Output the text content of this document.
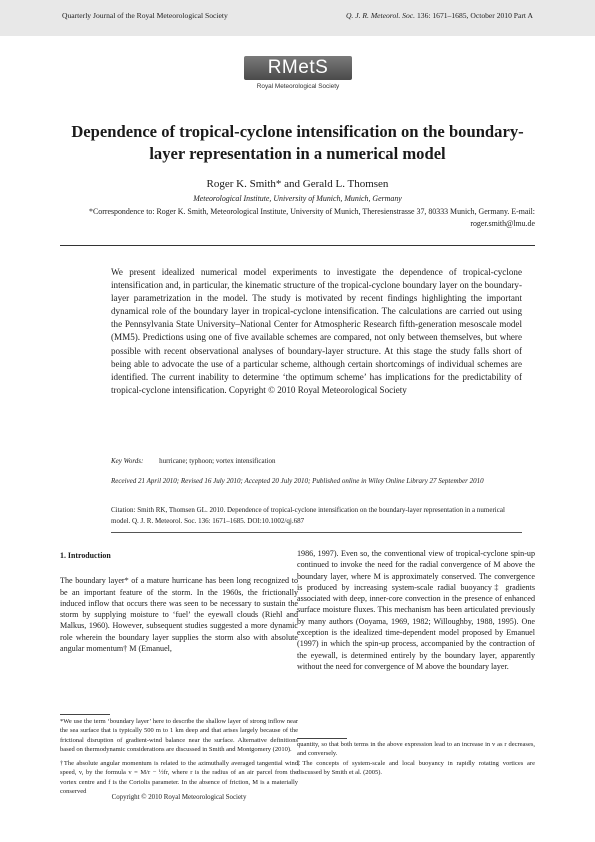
Quarterly Journal of the Royal Meteorological Society	Q. J. R. Meteorol. Soc. 136: 1671–1685, October 2010 Part A
RMetS
Royal Meteorological Society
Dependence of tropical-cyclone intensification on the boundary-layer representation in a numerical model
Roger K. Smith* and Gerald L. Thomsen
Meteorological Institute, University of Munich, Munich, Germany
*Correspondence to: Roger K. Smith, Meteorological Institute, University of Munich, Theresienstrasse 37, 80333 Munich, Germany. E-mail: roger.smith@lmu.de

We present idealized numerical model experiments to investigate the dependence of tropical-cyclone intensification and, in particular, the kinematic structure of the tropical-cyclone boundary layer on the boundary-layer parametrization in the model. The study is motivated by recent findings highlighting the important dynamical role of the boundary layer in tropical-cyclone intensification. The calculations are carried out using the Pennsylvania State University–National Center for Atmospheric Research fifth-generation mesoscale model (MM5). Predictions using one of five available schemes are compared, not only between themselves, but where possible with recent observational analyses of boundary-layer structure. At this stage the study falls short of being able to advocate the use of a particular scheme, although certain shortcomings of individual schemes are identified. The current inability to determine ‘the optimum scheme’ has implications for the predictability of tropical-cyclone intensification. Copyright © 2010 Royal Meteorological Society

Key Words: hurricane; typhoon; vortex intensification
Received 21 April 2010; Revised 16 July 2010; Accepted 20 July 2010; Published online in Wiley Online Library 27 September 2010
Citation: Smith RK, Thomsen GL. 2010. Dependence of tropical-cyclone intensification on the boundary-layer representation in a numerical model. Q. J. R. Meteorol. Soc. 136: 1671–1685. DOI:10.1002/qj.687

1. Introduction

The boundary layer* of a mature hurricane has been long recognized to be an important feature of the storm. In the 1960s, the frictionally induced inflow that occurs there was seen to be necessary to sustain the storm by supplying moisture to ‘fuel’ the eyewall clouds (Riehl and Malkus, 1960). However, subsequent studies suggested a more dynamic role wherein the boundary layer supplies the storm also with absolute angular momentum† M (Emanuel,

1986, 1997). Even so, the conventional view of tropical-cyclone spin-up continued to invoke the need for the radial convergence of M above the boundary layer, where M is approximately conserved. The convergence is produced by increasing system-scale radial buoyancy‡ gradients associated with deep, inner-core convection in the presence of enhanced surface moisture fluxes. This mechanism has been articulated previously by many authors (Ooyama, 1969, 1982; Willoughby, 1988, 1995). One exception is the idealized time-dependent model proposed by Emanuel (1997) in which the spin-up process, accompanied by the contraction of the eyewall, is determined entirely by the boundary layer, apparently without the need for convergence of M above the boundary layer.

*We use the term ‘boundary layer’ here to describe the shallow layer of strong inflow near the sea surface that is typically 500 m to 1 km deep and that arises largely because of the frictional disruption of gradient-wind balance near the surface. Alternative definitions based on thermodynamic considerations are discussed in Smith and Montgomery (2010).

†The absolute angular momentum is related to the azimuthally averaged tangential wind speed, v, by the formula v = M/r − ½fr, where r is the radius of an air parcel from the vortex centre and f is the Coriolis parameter. In the absence of friction, M is a materially conserved

quantity, so that both terms in the above expression lead to an increase in v as r decreases, and conversely.

‡The concepts of system-scale and local buoyancy in rapidly rotating vortices are discussed by Smith et al. (2005).

Copyright © 2010 Royal Meteorological Society
